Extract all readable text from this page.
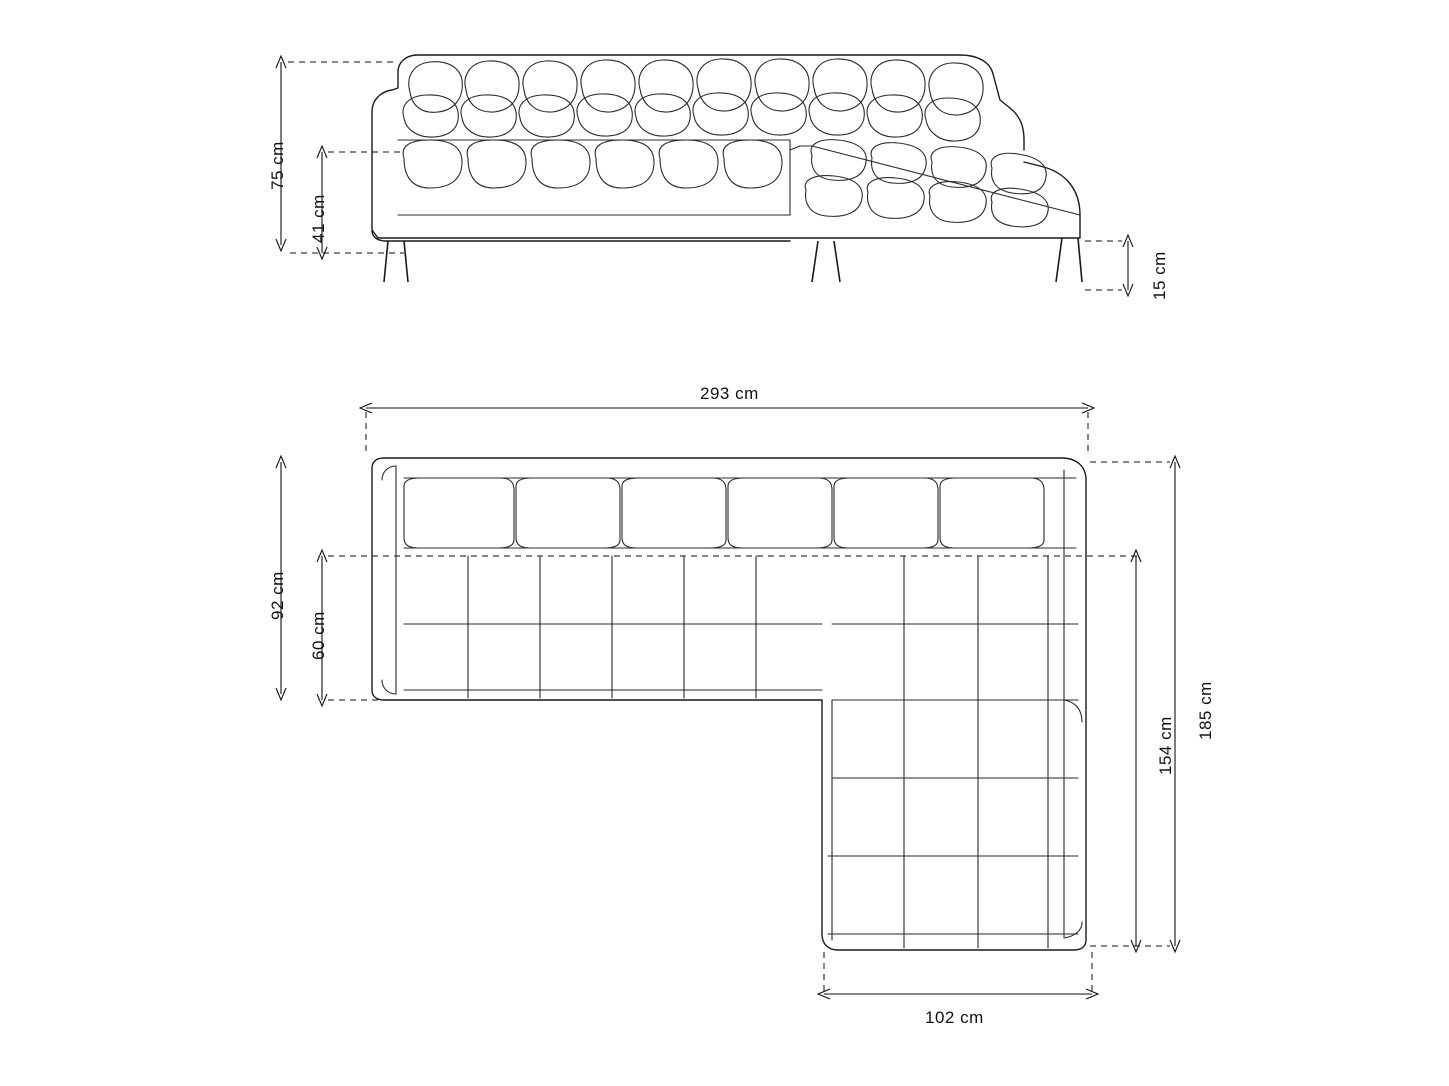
75 cm
41 cm
15 cm
293 cm
92 cm
60 cm
185 cm
154 cm
102 cm
